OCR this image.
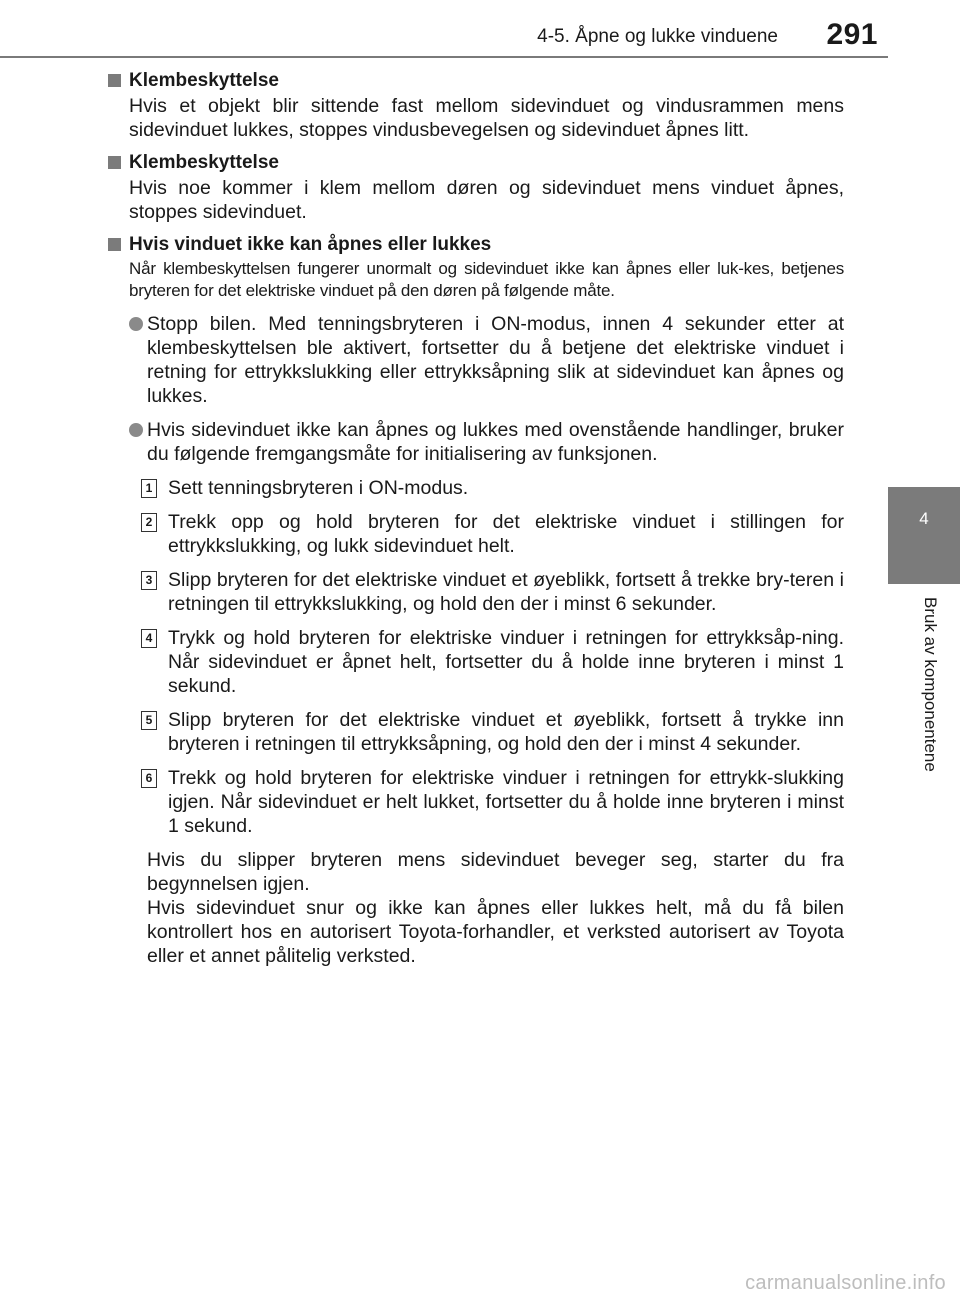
4-5. Åpne og lukke vinduene 291
4
Bruk av komponentene
Klembeskyttelse

Hvis et objekt blir sittende fast mellom sidevinduet og vindusrammen mens sidevinduet lukkes, stoppes vindusbevegelsen og sidevinduet åpnes litt.

Klembeskyttelse

Hvis noe kommer i klem mellom døren og sidevinduet mens vinduet åpnes, stoppes sidevinduet.

Hvis vinduet ikke kan åpnes eller lukkes

Når klembeskyttelsen fungerer unormalt og sidevinduet ikke kan åpnes eller luk-kes, betjenes bryteren for det elektriske vinduet på den døren på følgende måte.

Stopp bilen. Med tenningsbryteren i ON-modus, innen 4 sekunder etter at klembeskyttelsen ble aktivert, fortsetter du å betjene det elektriske vinduet i retning for ettrykkslukking eller ettrykksåpning slik at sidevinduet kan åpnes og lukkes.
Hvis sidevinduet ikke kan åpnes og lukkes med ovenstående handlinger, bruker du følgende fremgangsmåte for initialisering av funksjonen.
1 Sett tenningsbryteren i ON-modus.
2 Trekk opp og hold bryteren for det elektriske vinduet i stillingen for ettrykkslukking, og lukk sidevinduet helt.
3 Slipp bryteren for det elektriske vinduet et øyeblikk, fortsett å trekke bry-teren i retningen til ettrykkslukking, og hold den der i minst 6 sekunder.
4 Trykk og hold bryteren for elektriske vinduer i retningen for ettrykksåp-ning. Når sidevinduet er åpnet helt, fortsetter du å holde inne bryteren i minst 1 sekund.
5 Slipp bryteren for det elektriske vinduet et øyeblikk, fortsett å trykke inn bryteren i retningen til ettrykksåpning, og hold den der i minst 4 sekunder.
6 Trekk og hold bryteren for elektriske vinduer i retningen for ettrykk-slukking igjen. Når sidevinduet er helt lukket, fortsetter du å holde inne bryteren i minst 1 sekund.

Hvis du slipper bryteren mens sidevinduet beveger seg, starter du fra begynnelsen igjen.

Hvis sidevinduet snur og ikke kan åpnes eller lukkes helt, må du få bilen kontrollert hos en autorisert Toyota-forhandler, et verksted autorisert av Toyota eller et annet pålitelig verksted.

carmanualsonline.info
